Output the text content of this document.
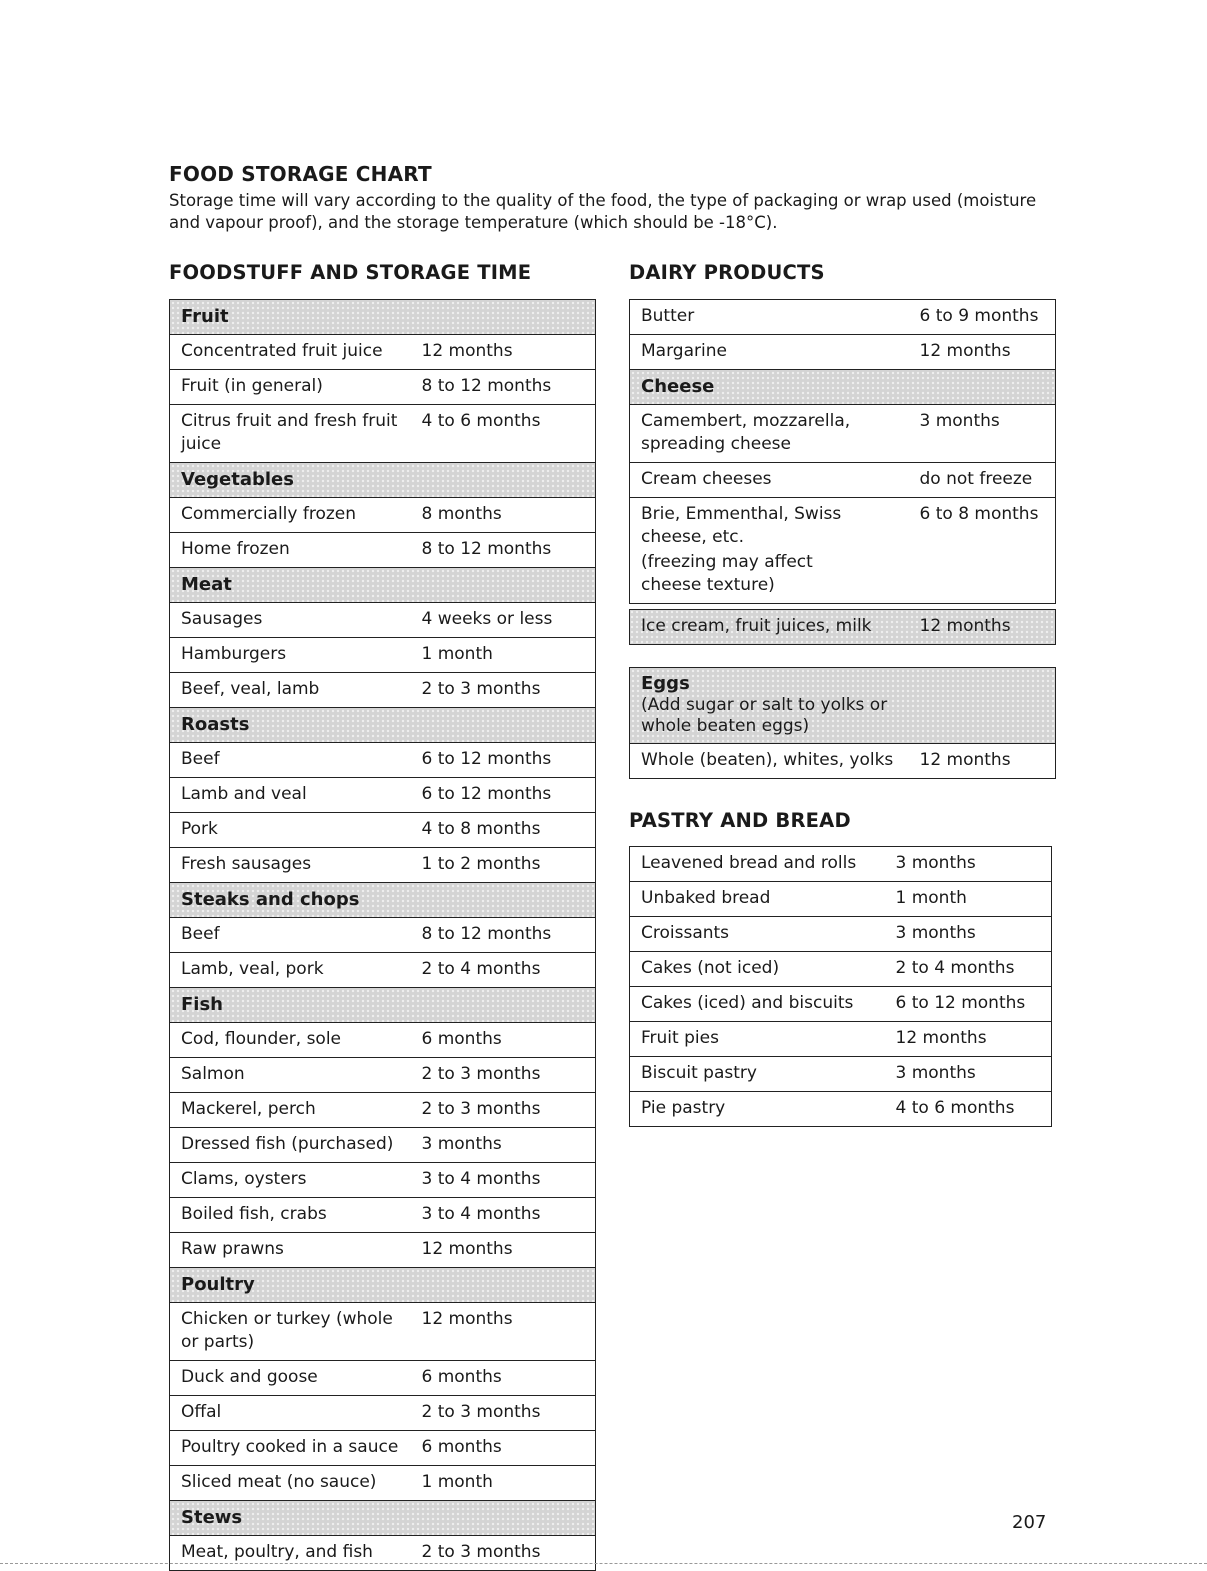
FOOD STORAGE CHART
Storage time will vary according to the quality of the food, the type of packaging or wrap used (moisture and vapour proof), and the storage temperature (which should be -18°C).
FOODSTUFF AND STORAGE TIME
Fruit	

Concentrated fruit juice	12 months

Fruit (in general)	8 to 12 months

Citrus fruit and fresh fruit juice	4 to 6 months
Vegetables	

Commercially frozen	8 months

Home frozen	8 to 12 months
Meat	

Sausages	4 weeks or less

Hamburgers	1 month

Beef, veal, lamb	2 to 3 months
Roasts	

Beef	6 to 12 months

Lamb and veal	6 to 12 months

Pork	4 to 8 months

Fresh sausages	1 to 2 months
Steaks and chops	

Beef	8 to 12 months

Lamb, veal, pork	2 to 4 months
Fish	

Cod, flounder, sole	6 months

Salmon	2 to 3 months

Mackerel, perch	2 to 3 months

Dressed fish (purchased)	3 months

Clams, oysters	3 to 4 months

Boiled fish, crabs	3 to 4 months

Raw prawns	12 months
Poultry	

Chicken or turkey (whole or parts)	12 months

Duck and goose	6 months

Offal	2 to 3 months

Poultry cooked in a sauce	6 months

Sliced meat (no sauce)	1 month
Stews	

Meat, poultry, and fish	2 to 3 months
DAIRY PRODUCTS
Butter	6 to 9 months

Margarine	12 months
Cheese	

Camembert, mozzarella, spreading cheese	3 months

Cream cheeses	do not freeze

Brie, Emmenthal, Swiss cheese, etc.
(freezing may affect cheese texture)	6 to 8 months
Ice cream, fruit juices, milk	12 months
Eggs
(Add sugar or salt to yolks or whole beaten eggs)

Whole (beaten), whites, yolks	12 months
PASTRY AND BREAD
Leavened bread and rolls	3 months

Unbaked bread	1 month

Croissants	3 months

Cakes (not iced)	2 to 4 months

Cakes (iced) and biscuits	6 to 12 months

Fruit pies	12 months

Biscuit pastry	3 months

Pie pastry	4 to 6 months
207
